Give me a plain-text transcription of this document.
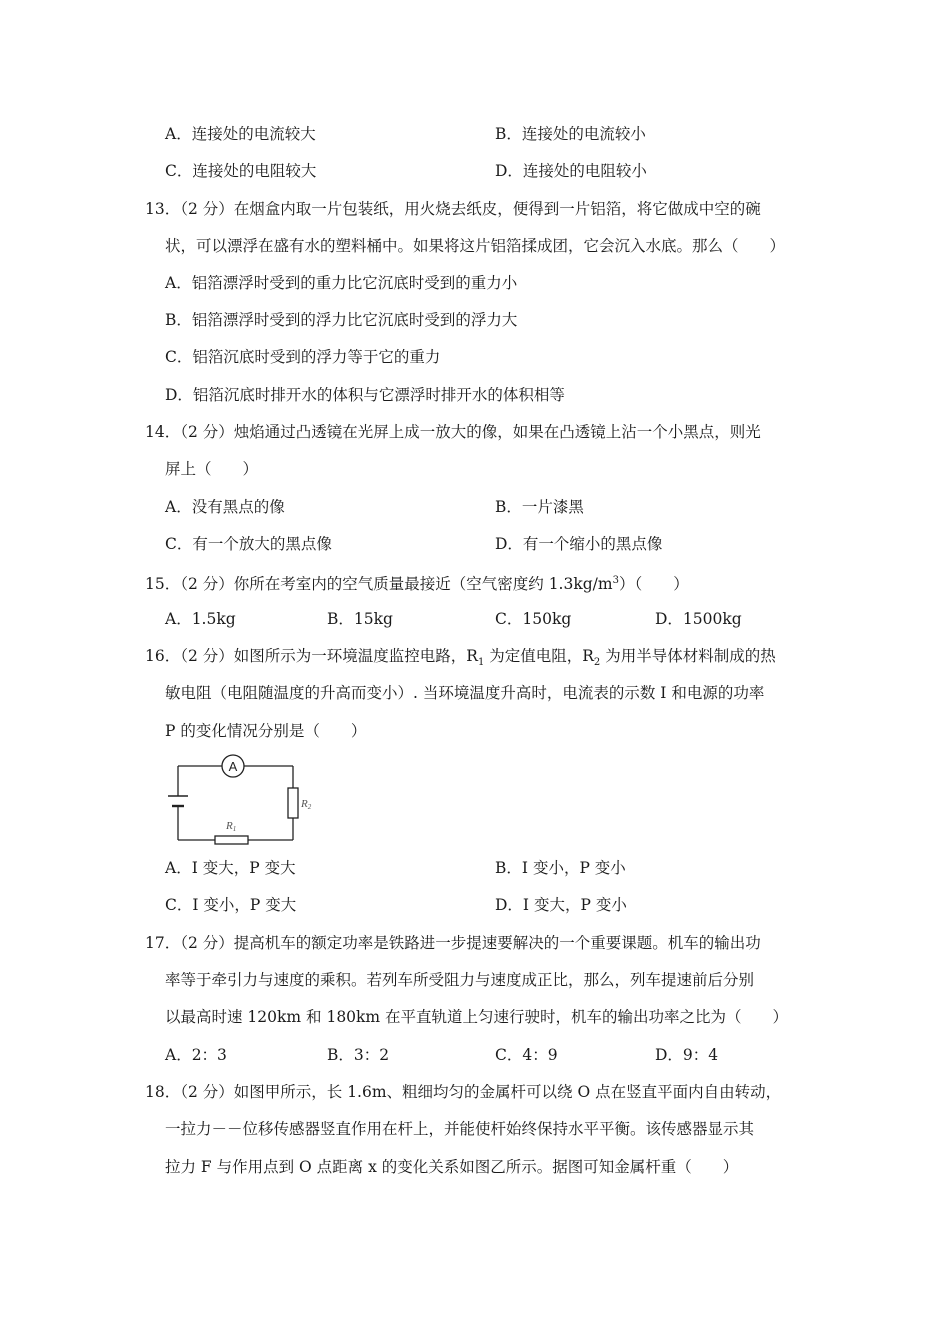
A．连接处的电流较大	B．连接处的电流较小
C．连接处的电阻较大	D．连接处的电阻较小
13．（2 分）在烟盒内取一片包装纸，用火烧去纸皮，便得到一片铝箔，将它做成中空的碗
状，可以漂浮在盛有水的塑料桶中。如果将这片铝箔揉成团，它会沉入水底。那么（　　）
A．铝箔漂浮时受到的重力比它沉底时受到的重力小
B．铝箔漂浮时受到的浮力比它沉底时受到的浮力大
C．铝箔沉底时受到的浮力等于它的重力
D．铝箔沉底时排开水的体积与它漂浮时排开水的体积相等
14．（2 分）烛焰通过凸透镜在光屏上成一放大的像，如果在凸透镜上沾一个小黑点，则光
屏上（　　）
A．没有黑点的像	B．一片漆黑
C．有一个放大的黑点像	D．有一个缩小的黑点像
15．（2 分）你所在考室内的空气质量最接近（空气密度约 $1.3kg/m^3$）（　　）
A．1.5kg	B．15kg	C．150kg	D．1500kg
16．（2 分）如图所示为一环境温度监控电路，$R_1$ 为定值电阻，$R_2$ 为用半导体材料制成的热
敏电阻（电阻随温度的升高而变小）. 当环境温度升高时，电流表的示数 I 和电源的功率
P 的变化情况分别是（　　）
A
R2
R1
A．I 变大，P 变大	B．I 变小，P 变小
C．I 变小，P 变大	D．I 变大，P 变小
17．（2 分）提高机车的额定功率是铁路进一步提速要解决的一个重要课题。机车的输出功
率等于牵引力与速度的乘积。若列车所受阻力与速度成正比，那么，列车提速前后分别
以最高时速 120km 和 180km 在平直轨道上匀速行驶时，机车的输出功率之比为（　　）
A．2：3	B．3：2	C．4：9	D．9：4
18．（2 分）如图甲所示，长 1.6m、粗细均匀的金属杆可以绕 O 点在竖直平面内自由转动，
一拉力－－位移传感器竖直作用在杆上，并能使杆始终保持水平平衡。该传感器显示其
拉力 F 与作用点到 O 点距离 x 的变化关系如图乙所示。据图可知金属杆重（　　）
